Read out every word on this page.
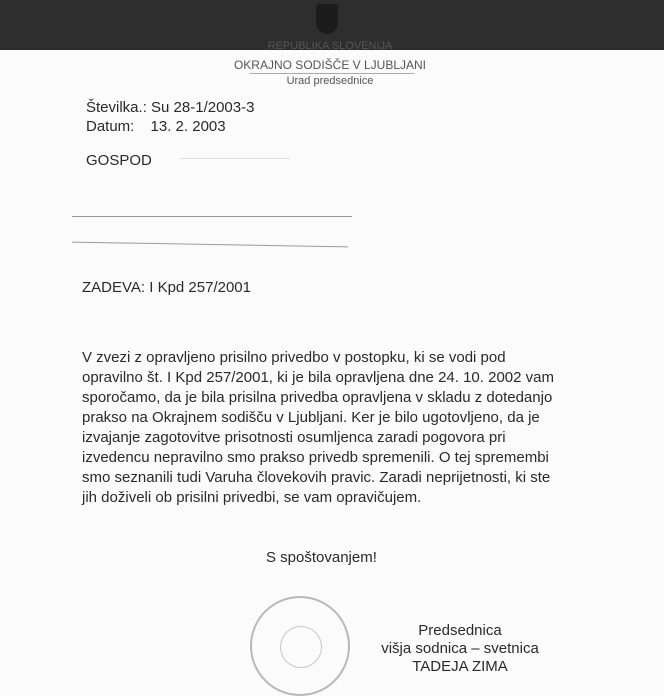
REPUBLIKA SLOVENIJA
OKRAJNO SODIŠČE V LJUBLJANI
Urad predsednice
Številka.: Su 28-1/2003-3
Datum: 13. 2. 2003
GOSPOD
ZADEVA: I Kpd 257/2001
V zvezi z opravljeno prisilno privedbo v postopku, ki se vodi pod
opravilno št. I Kpd 257/2001, ki je bila opravljena dne 24. 10. 2002 vam
sporočamo, da je bila prisilna privedba opravljena v skladu z dotedanjo
prakso na Okrajnem sodišču v Ljubljani. Ker je bilo ugotovljeno, da je
izvajanje zagotovitve prisotnosti osumljenca zaradi pogovora pri
izvedencu nepravilno smo prakso privedb spremenili. O tej spremembi
smo seznanili tudi Varuha človekovih pravic. Zaradi neprijetnosti, ki ste
jih doživeli ob prisilni privedbi, se vam opravičujem.
S spoštovanjem!
Predsednica
višja sodnica – svetnica
TADEJA ZIMA
